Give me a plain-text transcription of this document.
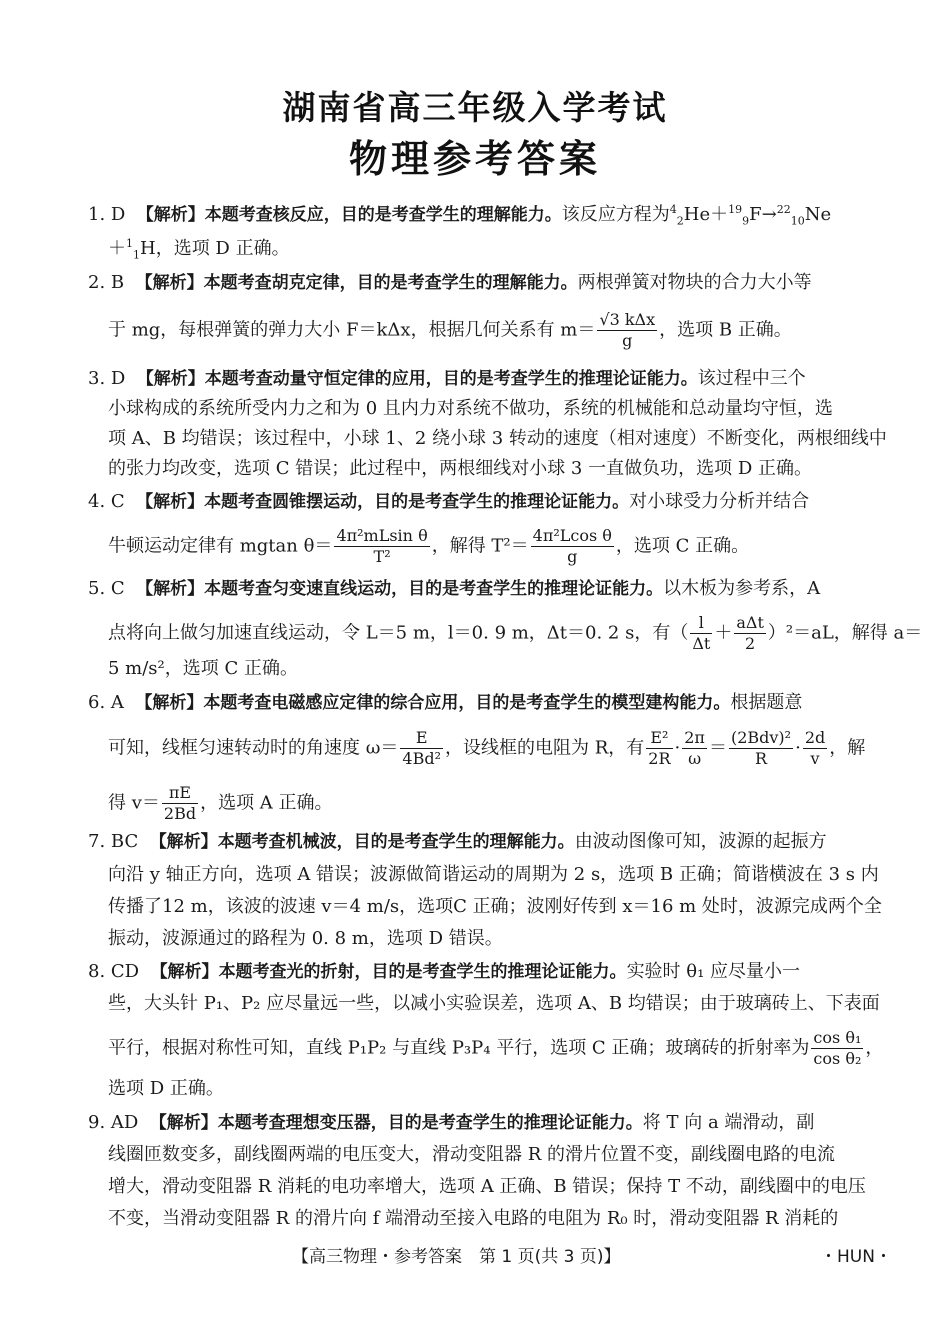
湖南省高三年级入学考试
物理参考答案
1. D 【解析】本题考查核反应，目的是考查学生的理解能力。该反应方程为$^4_2$He＋$^{19}_9$F→$^{22}_{10}$Ne
＋$^1_1$H，选项 D 正确。
2. B 【解析】本题考查胡克定律，目的是考查学生的理解能力。两根弹簧对物块的合力大小等
于 mg，每根弹簧的弹力大小 F＝kΔx，根据几何关系有 m＝ √3 kΔx
g	，选项 B 正确。
3. D 【解析】本题考查动量守恒定律的应用，目的是考查学生的推理论证能力。该过程中三个
小球构成的系统所受内力之和为 0 且内力对系统不做功，系统的机械能和总动量均守恒，选
项 A、B 均错误；该过程中，小球 1、2 绕小球 3 转动的速度（相对速度）不断变化，两根细线中
的张力均改变，选项 C 错误；此过程中，两根细线对小球 3 一直做负功，选项 D 正确。
4. C 【解析】本题考查圆锥摆运动，目的是考查学生的推理论证能力。对小球受力分析并结合
牛顿运动定律有 mgtan $\theta= \frac{\text{4π²mLsin θ}}{\text{T²}}$ ，解得 $T^2= \frac{\text{4π²Lcos θ}}{g}$ ，选项 C 正确。
5. C 【解析】本题考查匀变速直线运动，目的是考查学生的推理论证能力。以木板为参考系，A
点将向上做匀加速直线运动，令 L＝5 m，l＝0. 9 m，Δt＝0. 2 s，有（ $\frac{l}{\Delta t} + a\Delta t$
2 ）²＝aL，解得 a＝
5 m/s²，选项 C 正确。
6. A 【解析】本题考查电磁感应定律的综合应用，目的是考查学生的模型建构能力。根据题意
可知，线框匀速转动时的角速度 $\omega= \frac{E}{\text{4Bd²}}$ ，设线框的电阻为 R，有 $\frac{\text{E²}}{2R} \cdot \frac{2\pi}{\omega} = (2Bdv)^2$
R	· $\frac{2d}{v}$ ，解
得 $v= \frac{\pi E}{2Bd}$ ，选项 A 正确。
7. BC 【解析】本题考查机械波，目的是考查学生的理解能力。由波动图像可知，波源的起振方
向沿 y 轴正方向，选项 A 错误；波源做简谐运动的周期为 2 s，选项 B 正确；简谐横波在 3 s 内
传播了12 m，该波的波速 v＝4 m/s，选项C 正确；波刚好传到 x＝16 m 处时，波源完成两个全
振动，波源通过的路程为 0. 8 m，选项 D 错误。
8. CD 【解析】本题考查光的折射，目的是考查学生的推理论证能力。实验时 θ₁ 应尽量小一
些，大头针 P₁、P₂ 应尽量远一些，以减小实验误差，选项 A、B 均错误；由于玻璃砖上、下表面
平行，根据对称性可知，直线 P₁P₂ 与直线 P₃P₄ 平行，选项 C 正确；玻璃砖的折射率为 $\frac{\text{cos θ₁}}{\text{cos θ₂}}$ ，
选项 D 正确。
9. AD 【解析】本题考查理想变压器，目的是考查学生的推理论证能力。将 T 向 a 端滑动，副
线圈匝数变多，副线圈两端的电压变大，滑动变阻器 R 的滑片位置不变，副线圈电路的电流
增大，滑动变阻器 R 消耗的电功率增大，选项 A 正确、B 错误；保持 T 不动，副线圈中的电压
不变，当滑动变阻器 R 的滑片向 f 端滑动至接入电路的电阻为 R₀ 时，滑动变阻器 R 消耗的
【高三物理・参考答案　第 1 页(共 3 页)】	・HUN・
